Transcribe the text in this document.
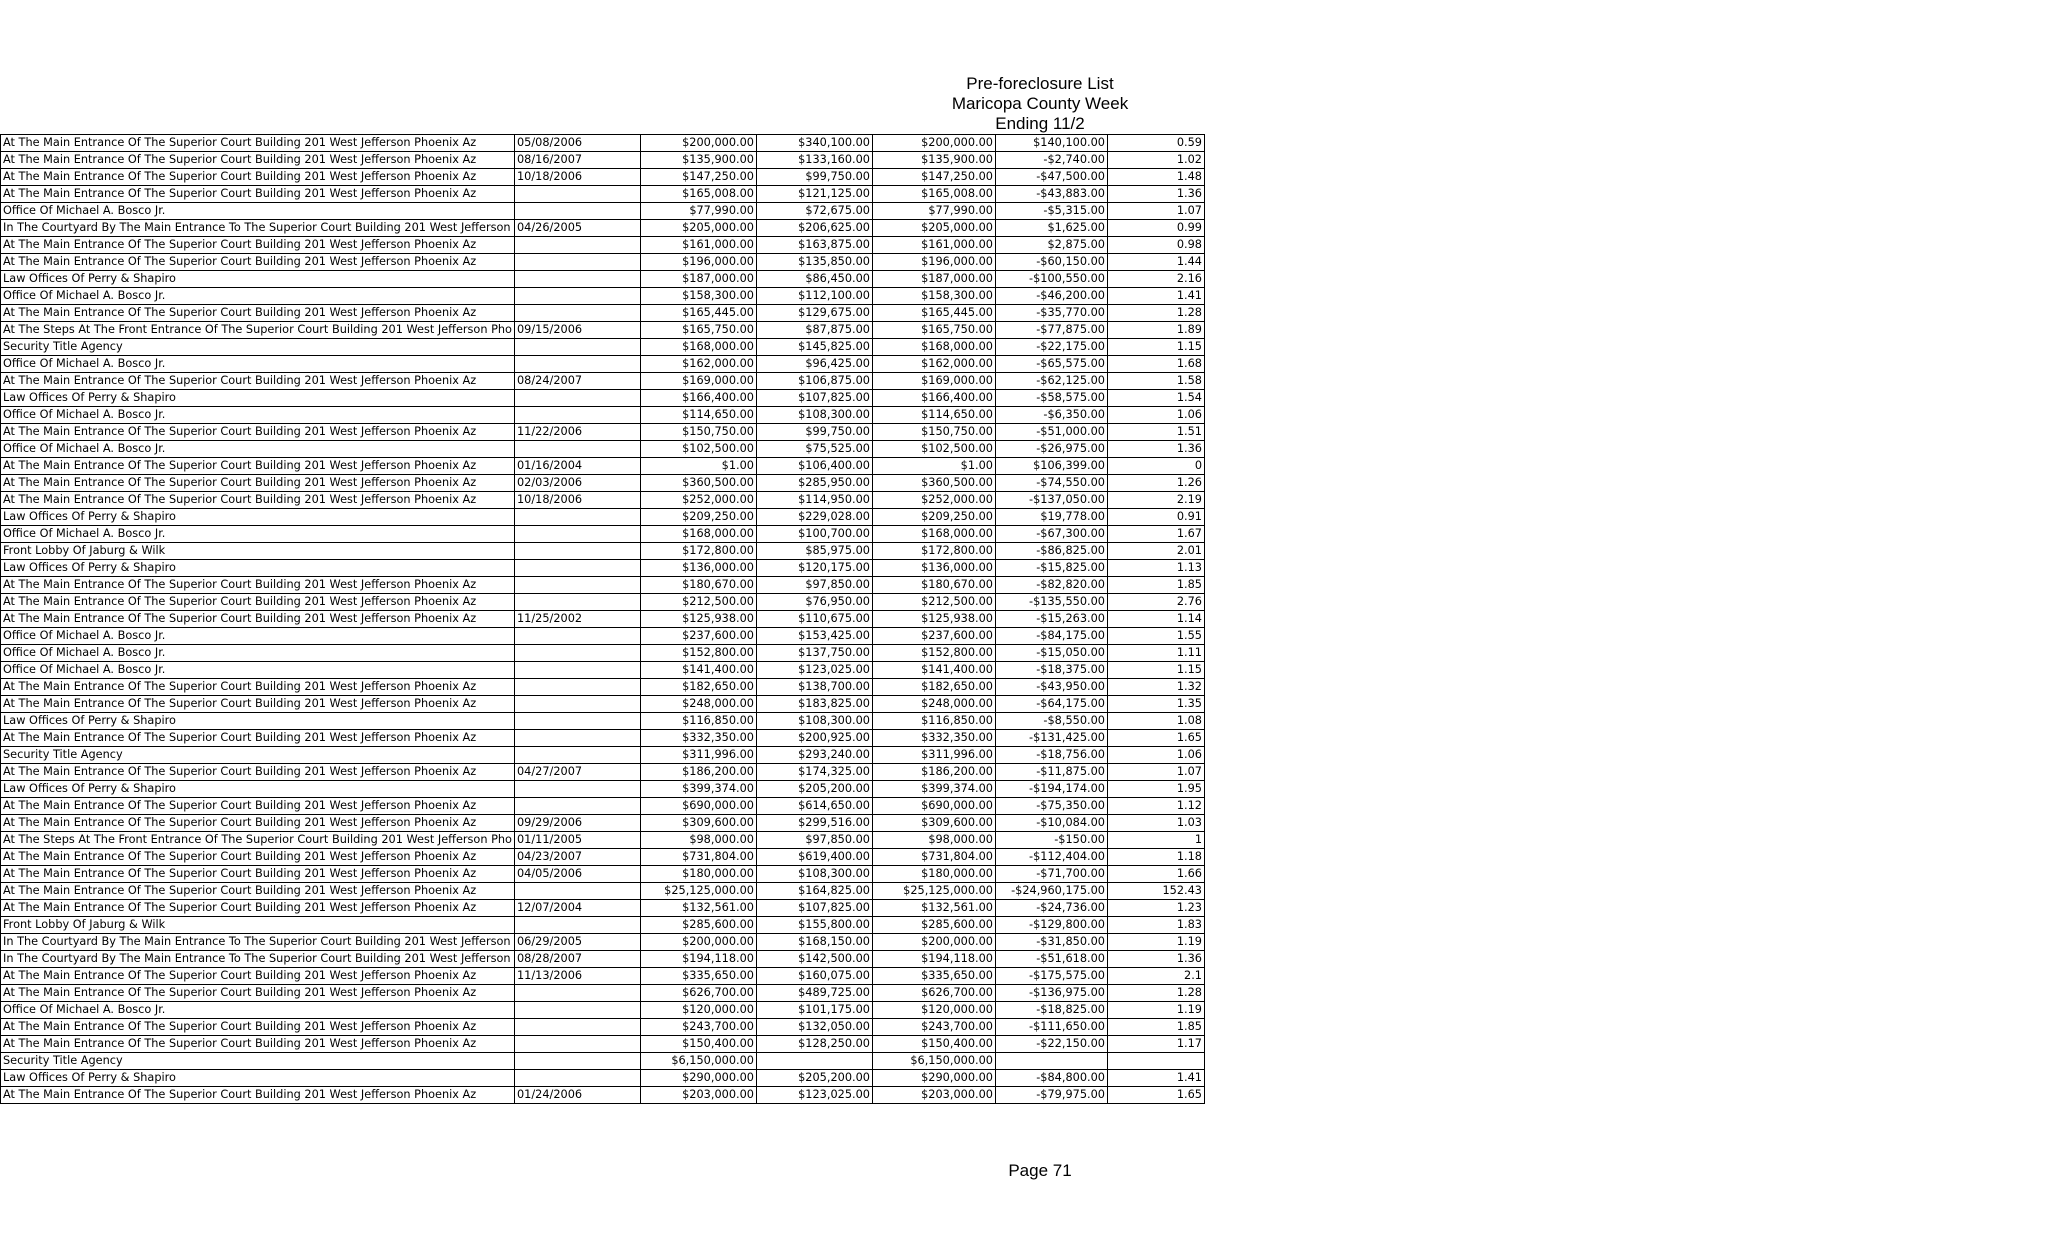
Pre-foreclosure List
Maricopa County Week Ending 11/2
At The Main Entrance Of The Superior Court Building 201 West Jefferson Phoenix Az	05/08/2006	$200,000.00	$340,100.00	$200,000.00	$140,100.00	0.59
At The Main Entrance Of The Superior Court Building 201 West Jefferson Phoenix Az	08/16/2007	$135,900.00	$133,160.00	$135,900.00	-$2,740.00	1.02
At The Main Entrance Of The Superior Court Building 201 West Jefferson Phoenix Az	10/18/2006	$147,250.00	$99,750.00	$147,250.00	-$47,500.00	1.48
At The Main Entrance Of The Superior Court Building 201 West Jefferson Phoenix Az		$165,008.00	$121,125.00	$165,008.00	-$43,883.00	1.36
Office Of Michael A. Bosco Jr.		$77,990.00	$72,675.00	$77,990.00	-$5,315.00	1.07
In The Courtyard By The Main Entrance To The Superior Court Building 201 West Jefferson	04/26/2005	$205,000.00	$206,625.00	$205,000.00	$1,625.00	0.99
At The Main Entrance Of The Superior Court Building 201 West Jefferson Phoenix Az		$161,000.00	$163,875.00	$161,000.00	$2,875.00	0.98
At The Main Entrance Of The Superior Court Building 201 West Jefferson Phoenix Az		$196,000.00	$135,850.00	$196,000.00	-$60,150.00	1.44
Law Offices Of Perry & Shapiro		$187,000.00	$86,450.00	$187,000.00	-$100,550.00	2.16
Office Of Michael A. Bosco Jr.		$158,300.00	$112,100.00	$158,300.00	-$46,200.00	1.41
At The Main Entrance Of The Superior Court Building 201 West Jefferson Phoenix Az		$165,445.00	$129,675.00	$165,445.00	-$35,770.00	1.28
At The Steps At The Front Entrance Of The Superior Court Building 201 West Jefferson Pho	09/15/2006	$165,750.00	$87,875.00	$165,750.00	-$77,875.00	1.89
Security Title Agency		$168,000.00	$145,825.00	$168,000.00	-$22,175.00	1.15
Office Of Michael A. Bosco Jr.		$162,000.00	$96,425.00	$162,000.00	-$65,575.00	1.68
At The Main Entrance Of The Superior Court Building 201 West Jefferson Phoenix Az	08/24/2007	$169,000.00	$106,875.00	$169,000.00	-$62,125.00	1.58
Law Offices Of Perry & Shapiro		$166,400.00	$107,825.00	$166,400.00	-$58,575.00	1.54
Office Of Michael A. Bosco Jr.		$114,650.00	$108,300.00	$114,650.00	-$6,350.00	1.06
At The Main Entrance Of The Superior Court Building 201 West Jefferson Phoenix Az	11/22/2006	$150,750.00	$99,750.00	$150,750.00	-$51,000.00	1.51
Office Of Michael A. Bosco Jr.		$102,500.00	$75,525.00	$102,500.00	-$26,975.00	1.36
At The Main Entrance Of The Superior Court Building 201 West Jefferson Phoenix Az	01/16/2004	$1.00	$106,400.00	$1.00	$106,399.00	0
At The Main Entrance Of The Superior Court Building 201 West Jefferson Phoenix Az	02/03/2006	$360,500.00	$285,950.00	$360,500.00	-$74,550.00	1.26
At The Main Entrance Of The Superior Court Building 201 West Jefferson Phoenix Az	10/18/2006	$252,000.00	$114,950.00	$252,000.00	-$137,050.00	2.19
Law Offices Of Perry & Shapiro		$209,250.00	$229,028.00	$209,250.00	$19,778.00	0.91
Office Of Michael A. Bosco Jr.		$168,000.00	$100,700.00	$168,000.00	-$67,300.00	1.67
Front Lobby Of Jaburg & Wilk		$172,800.00	$85,975.00	$172,800.00	-$86,825.00	2.01
Law Offices Of Perry & Shapiro		$136,000.00	$120,175.00	$136,000.00	-$15,825.00	1.13
At The Main Entrance Of The Superior Court Building 201 West Jefferson Phoenix Az		$180,670.00	$97,850.00	$180,670.00	-$82,820.00	1.85
At The Main Entrance Of The Superior Court Building 201 West Jefferson Phoenix Az		$212,500.00	$76,950.00	$212,500.00	-$135,550.00	2.76
At The Main Entrance Of The Superior Court Building 201 West Jefferson Phoenix Az	11/25/2002	$125,938.00	$110,675.00	$125,938.00	-$15,263.00	1.14
Office Of Michael A. Bosco Jr.		$237,600.00	$153,425.00	$237,600.00	-$84,175.00	1.55
Office Of Michael A. Bosco Jr.		$152,800.00	$137,750.00	$152,800.00	-$15,050.00	1.11
Office Of Michael A. Bosco Jr.		$141,400.00	$123,025.00	$141,400.00	-$18,375.00	1.15
At The Main Entrance Of The Superior Court Building 201 West Jefferson Phoenix Az		$182,650.00	$138,700.00	$182,650.00	-$43,950.00	1.32
At The Main Entrance Of The Superior Court Building 201 West Jefferson Phoenix Az		$248,000.00	$183,825.00	$248,000.00	-$64,175.00	1.35
Law Offices Of Perry & Shapiro		$116,850.00	$108,300.00	$116,850.00	-$8,550.00	1.08
At The Main Entrance Of The Superior Court Building 201 West Jefferson Phoenix Az		$332,350.00	$200,925.00	$332,350.00	-$131,425.00	1.65
Security Title Agency		$311,996.00	$293,240.00	$311,996.00	-$18,756.00	1.06
At The Main Entrance Of The Superior Court Building 201 West Jefferson Phoenix Az	04/27/2007	$186,200.00	$174,325.00	$186,200.00	-$11,875.00	1.07
Law Offices Of Perry & Shapiro		$399,374.00	$205,200.00	$399,374.00	-$194,174.00	1.95
At The Main Entrance Of The Superior Court Building 201 West Jefferson Phoenix Az		$690,000.00	$614,650.00	$690,000.00	-$75,350.00	1.12
At The Main Entrance Of The Superior Court Building 201 West Jefferson Phoenix Az	09/29/2006	$309,600.00	$299,516.00	$309,600.00	-$10,084.00	1.03
At The Steps At The Front Entrance Of The Superior Court Building 201 West Jefferson Pho	01/11/2005	$98,000.00	$97,850.00	$98,000.00	-$150.00	1
At The Main Entrance Of The Superior Court Building 201 West Jefferson Phoenix Az	04/23/2007	$731,804.00	$619,400.00	$731,804.00	-$112,404.00	1.18
At The Main Entrance Of The Superior Court Building 201 West Jefferson Phoenix Az	04/05/2006	$180,000.00	$108,300.00	$180,000.00	-$71,700.00	1.66
At The Main Entrance Of The Superior Court Building 201 West Jefferson Phoenix Az		$25,125,000.00	$164,825.00	$25,125,000.00	-$24,960,175.00	152.43
At The Main Entrance Of The Superior Court Building 201 West Jefferson Phoenix Az	12/07/2004	$132,561.00	$107,825.00	$132,561.00	-$24,736.00	1.23
Front Lobby Of Jaburg & Wilk		$285,600.00	$155,800.00	$285,600.00	-$129,800.00	1.83
In The Courtyard By The Main Entrance To The Superior Court Building 201 West Jefferson	06/29/2005	$200,000.00	$168,150.00	$200,000.00	-$31,850.00	1.19
In The Courtyard By The Main Entrance To The Superior Court Building 201 West Jefferson	08/28/2007	$194,118.00	$142,500.00	$194,118.00	-$51,618.00	1.36
At The Main Entrance Of The Superior Court Building 201 West Jefferson Phoenix Az	11/13/2006	$335,650.00	$160,075.00	$335,650.00	-$175,575.00	2.1
At The Main Entrance Of The Superior Court Building 201 West Jefferson Phoenix Az		$626,700.00	$489,725.00	$626,700.00	-$136,975.00	1.28
Office Of Michael A. Bosco Jr.		$120,000.00	$101,175.00	$120,000.00	-$18,825.00	1.19
At The Main Entrance Of The Superior Court Building 201 West Jefferson Phoenix Az		$243,700.00	$132,050.00	$243,700.00	-$111,650.00	1.85
At The Main Entrance Of The Superior Court Building 201 West Jefferson Phoenix Az		$150,400.00	$128,250.00	$150,400.00	-$22,150.00	1.17
Security Title Agency		$6,150,000.00		$6,150,000.00		
Law Offices Of Perry & Shapiro		$290,000.00	$205,200.00	$290,000.00	-$84,800.00	1.41
At The Main Entrance Of The Superior Court Building 201 West Jefferson Phoenix Az	01/24/2006	$203,000.00	$123,025.00	$203,000.00	-$79,975.00	1.65
Page 71
